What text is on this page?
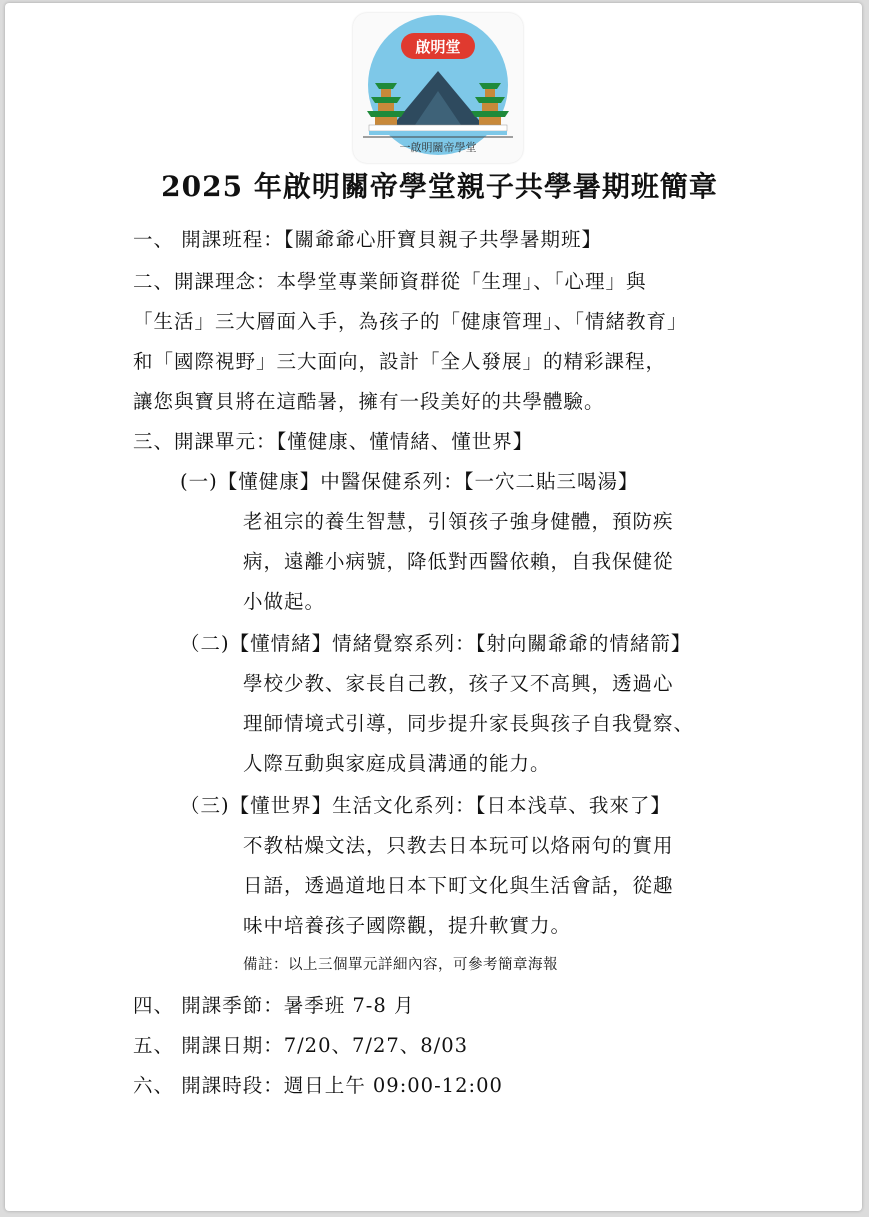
啟明堂
一啟明關帝學堂
2025 年啟明關帝學堂親子共學暑期班簡章
一、 開課班程：【關爺爺心肝寶貝親子共學暑期班】
二、開課理念：本學堂專業師資群從「生理」、「心理」與
「生活」三大層面入手，為孩子的「健康管理」、「情緒教育」
和「國際視野」三大面向，設計「全人發展」的精彩課程，
讓您與寶貝將在這酷暑，擁有一段美好的共學體驗。
三、開課單元：【懂健康、懂情緒、懂世界】
(一)【懂健康】中醫保健系列：【一穴二貼三喝湯】
老祖宗的養生智慧，引領孩子強身健體，預防疾
病，遠離小病號，降低對西醫依賴，自我保健從
小做起。
（二)【懂情緒】情緒覺察系列：【射向關爺爺的情緒箭】
學校少教、家長自己教，孩子又不高興，透過心
理師情境式引導，同步提升家長與孩子自我覺察、
人際互動與家庭成員溝通的能力。
（三)【懂世界】生活文化系列：【日本浅草、我來了】
不教枯燥文法，只教去日本玩可以烙兩句的實用
日語，透過道地日本下町文化與生活會話，從趣
味中培養孩子國際觀，提升軟實力。
備註：以上三個單元詳細內容，可參考簡章海報
四、 開課季節：暑季班 7-8 月
五、 開課日期：7/20、7/27、8/03
六、 開課時段：週日上午 09:00-12:00
